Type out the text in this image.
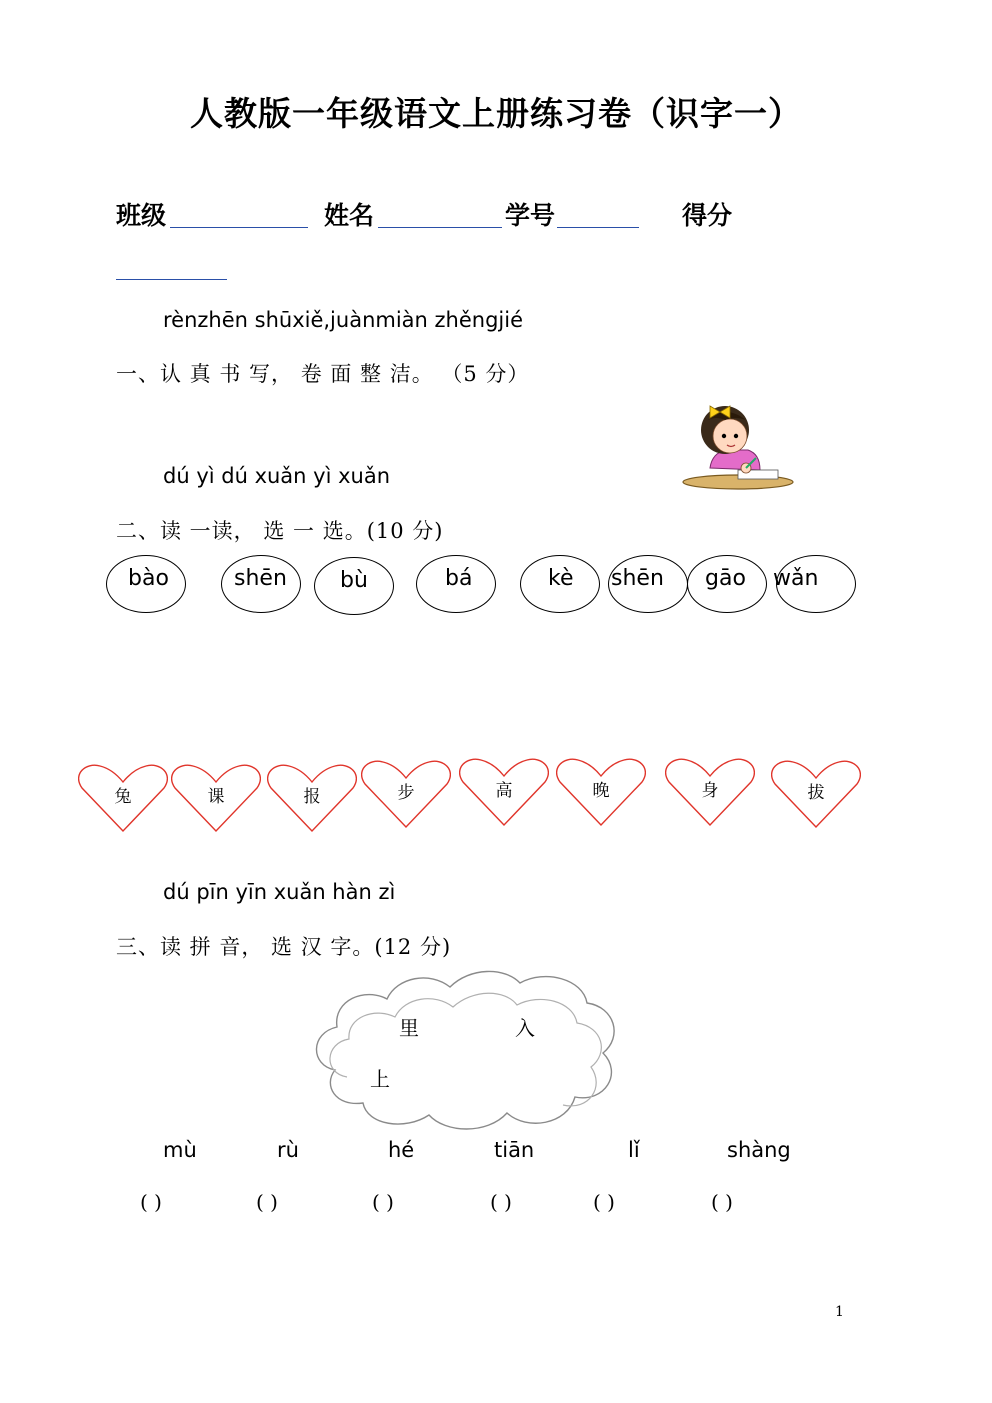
人教版一年级语文上册练习卷（识字一）
班级	姓名	学号	得分
rènzhēn shūxiě,juànmiàn zhěngjié
一、认 真 书 写， 卷 面 整 洁。 （5 分）
dú yì dú xuǎn yì xuǎn
二、读 一读， 选 一 选。(10 分)
bào	shēn bù	bá	kè shēn gāo wǎn
兔	课	报	步	高	晚	身	拔
dú pīn yīn xuǎn hàn zì
三、读 拼 音， 选 汉 字。(12 分)
里	入
上
mù	rù	hé	tiān	lǐ	shàng
( )	( )	( )	( )	( )	( )
1
